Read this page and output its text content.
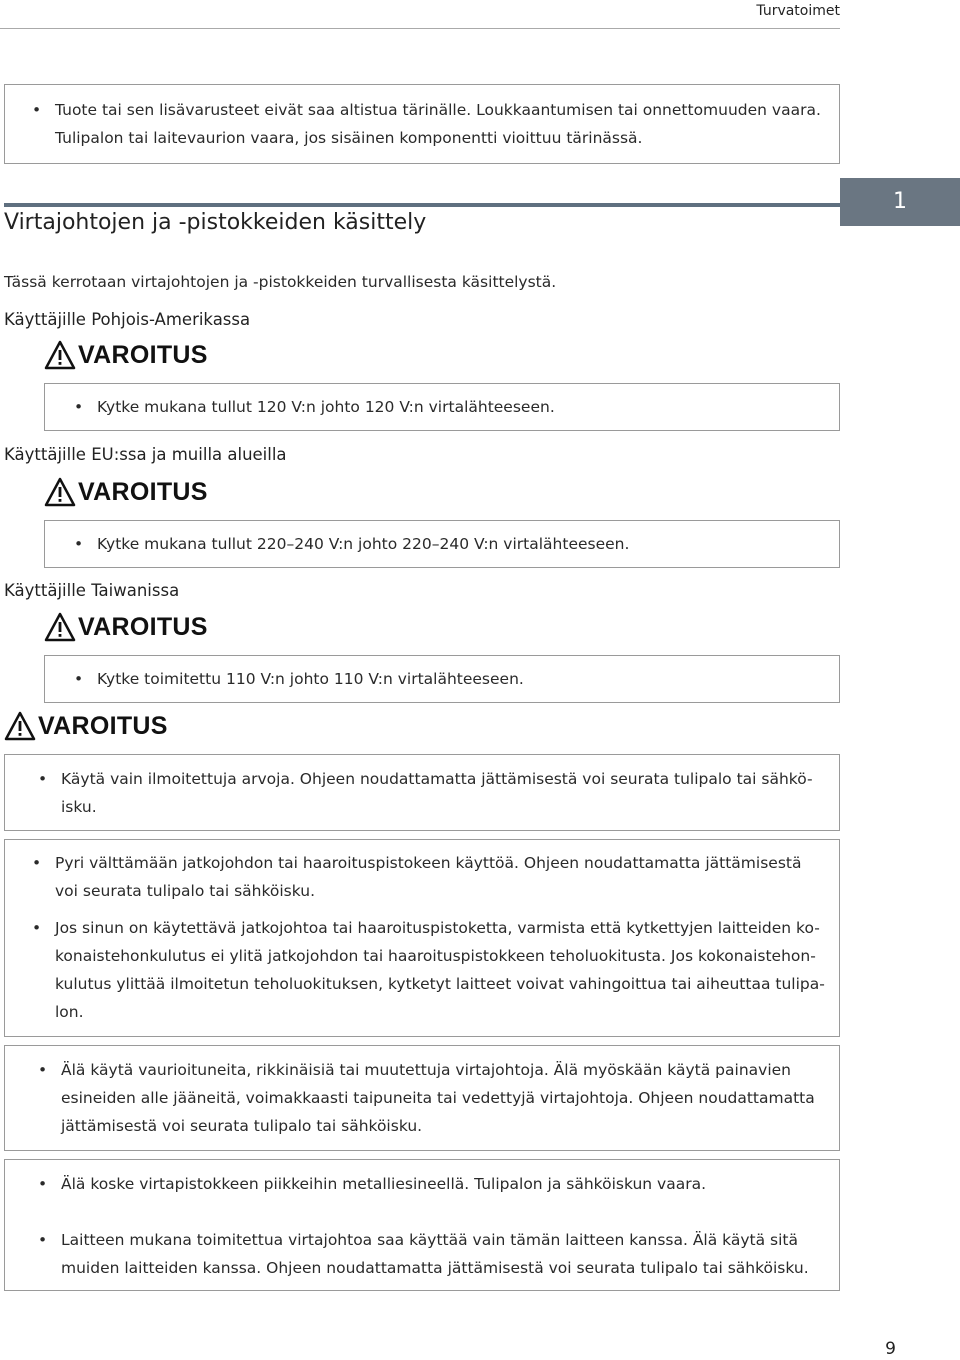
Turvatoimet
• Tuote tai sen lisävarusteet eivät saa altistua tärinälle. Loukkaantumisen tai onnettomuuden vaara.
Tulipalon tai laitevaurion vaara, jos sisäinen komponentti vioittuu tärinässä.
Virtajohtojen ja -pistokkeiden käsittely
1
Tässä kerrotaan virtajohtojen ja -pistokkeiden turvallisesta käsittelystä.
Käyttäjille Pohjois-Amerikassa
VAROITUS
• Kytke mukana tullut 120 V:n johto 120 V:n virtalähteeseen.
Käyttäjille EU:ssa ja muilla alueilla
VAROITUS
• Kytke mukana tullut 220–240 V:n johto 220–240 V:n virtalähteeseen.
Käyttäjille Taiwanissa
VAROITUS
• Kytke toimitettu 110 V:n johto 110 V:n virtalähteeseen.
VAROITUS
• Käytä vain ilmoitettuja arvoja. Ohjeen noudattamatta jättämisestä voi seurata tulipalo tai sähkö-
isku.
• Pyri välttämään jatkojohdon tai haaroituspistokeen käyttöä. Ohjeen noudattamatta jättämisestä
voi seurata tulipalo tai sähköisku.
• Jos sinun on käytettävä jatkojohtoa tai haaroituspistoketta, varmista että kytkettyjen laitteiden ko-
konaistehonkulutus ei ylitä jatkojohdon tai haaroituspistokkeen teholuokitusta. Jos kokonaistehon-
kulutus ylittää ilmoitetun teholuokituksen, kytketyt laitteet voivat vahingoittua tai aiheuttaa tulipa-
lon.
• Älä käytä vaurioituneita, rikkinäisiä tai muutettuja virtajohtoja. Älä myöskään käytä painavien
esineiden alle jääneitä, voimakkaasti taipuneita tai vedettyjä virtajohtoja. Ohjeen noudattamatta
jättämisestä voi seurata tulipalo tai sähköisku.
• Älä koske virtapistokkeen piikkeihin metalliesineellä. Tulipalon ja sähköiskun vaara.
• Laitteen mukana toimitettua virtajohtoa saa käyttää vain tämän laitteen kanssa. Älä käytä sitä
muiden laitteiden kanssa. Ohjeen noudattamatta jättämisestä voi seurata tulipalo tai sähköisku.
9
